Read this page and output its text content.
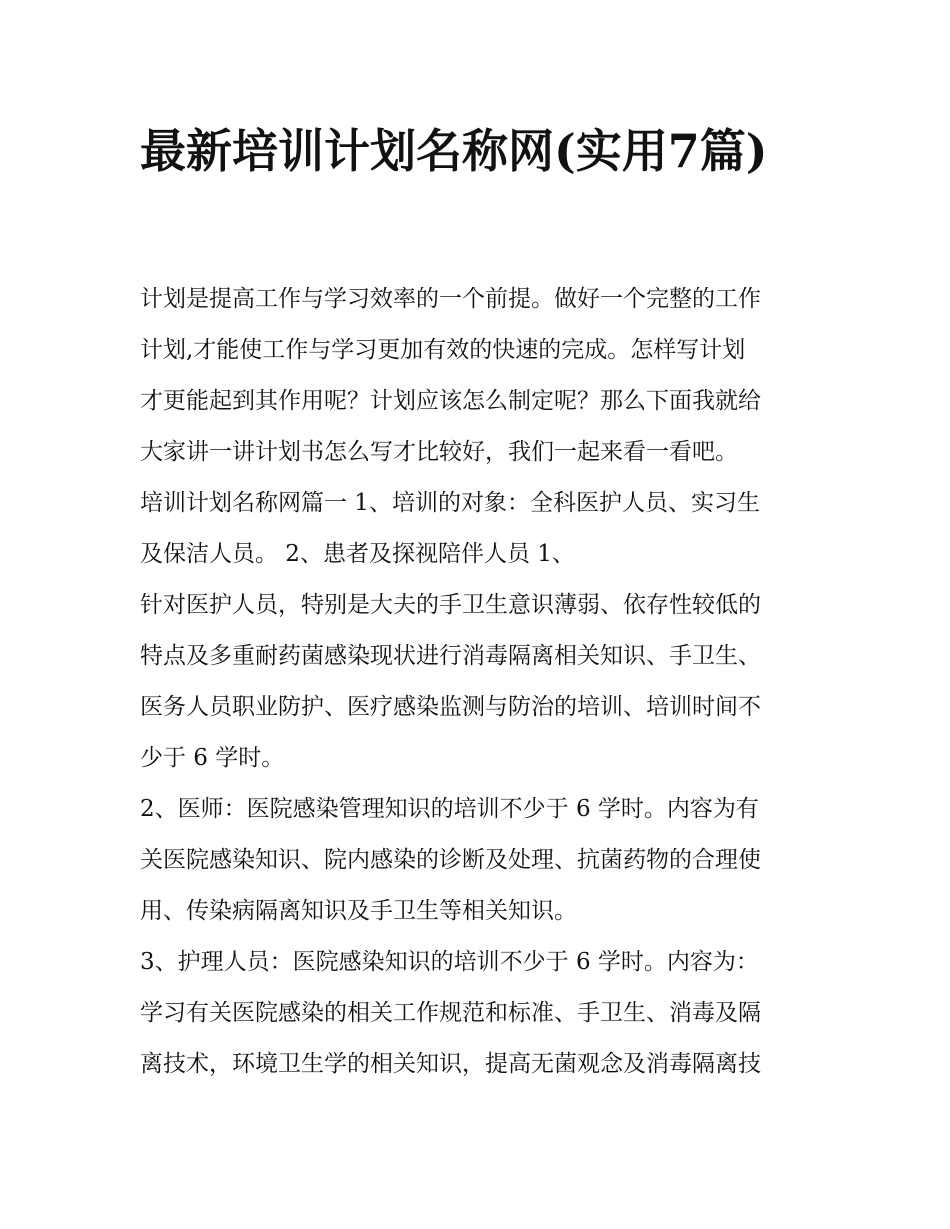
最新培训计划名称网(实用7篇)

计划是提高工作与学习效率的一个前提。做好一个完整的工作

计划,才能使工作与学习更加有效的快速的完成。怎样写计划

才更能起到其作用呢？计划应该怎么制定呢？那么下面我就给

大家讲一讲计划书怎么写才比较好，我们一起来看一看吧。

培训计划名称网篇一 1、培训的对象：全科医护人员、实习生

及保洁人员。 2、患者及探视陪伴人员 1、

针对医护人员，特别是大夫的手卫生意识薄弱、依存性较低的

特点及多重耐药菌感染现状进行消毒隔离相关知识、手卫生、

医务人员职业防护、医疗感染监测与防治的培训、培训时间不

少于 6 学时。

2、医师：医院感染管理知识的培训不少于 6 学时。内容为有

关医院感染知识、院内感染的诊断及处理、抗菌药物的合理使

用、传染病隔离知识及手卫生等相关知识。

3、护理人员：医院感染知识的培训不少于 6 学时。内容为：

学习有关医院感染的相关工作规范和标准、手卫生、消毒及隔

离技术，环境卫生学的相关知识，提高无菌观念及消毒隔离技
